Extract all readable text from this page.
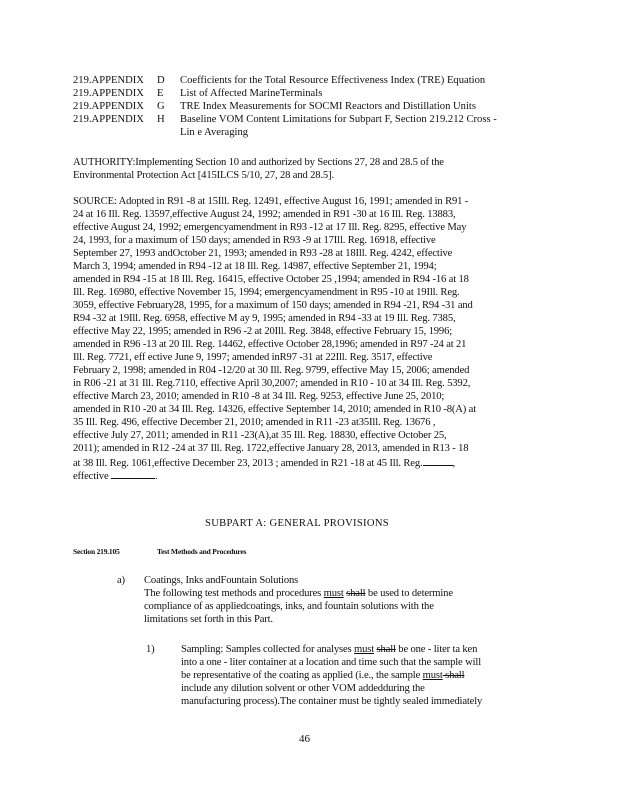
219.APPENDIX D Coefficients for the Total Resource Effectiveness Index (TRE) Equation
219.APPENDIX E List of Affected MarineTerminals
219.APPENDIX G TRE Index Measurements for SOCMI Reactors and Distillation Units
219.APPENDIX H Baseline VOM Content Limitations for Subpart F, Section 219.212 Cross -
Lin e Averaging
AUTHORITY:Implementing Section 10 and authorized by Sections 27, 28 and 28.5 of the
Environmental Protection Act [415ILCS 5/10, 27, 28 and 28.5].
SOURCE: Adopted in R91 -8 at 15Ill. Reg. 12491, effective August 16, 1991; amended in R91 -
24 at 16 Ill. Reg. 13597,effective August 24, 1992; amended in R91 -30 at 16 Ill. Reg. 13883,
effective August 24, 1992; emergencyamendment in R93 -12 at 17 Ill. Reg. 8295, effective May
24, 1993, for a maximum of 150 days; amended in R93 -9 at 17Ill. Reg. 16918, effective
September 27, 1993 andOctober 21, 1993; amended in R93 -28 at 18Ill. Reg. 4242, effective
March 3, 1994; amended in R94 -12 at 18 Ill. Reg. 14987, effective September 21, 1994;
amended in R94 -15 at 18 Ill. Reg. 16415, effective October 25 ,1994; amended in R94 -16 at 18
Ill. Reg. 16980, effective November 15, 1994; emergencyamendment in R95 -10 at 19Ill. Reg.
3059, effective February28, 1995, for a maximum of 150 days; amended in R94 -21, R94 -31 and
R94 -32 at 19Ill. Reg. 6958, effective M ay 9, 1995; amended in R94 -33 at 19 Ill. Reg. 7385,
effective May 22, 1995; amended in R96 -2 at 20Ill. Reg. 3848, effective February 15, 1996;
amended in R96 -13 at 20 Ill. Reg. 14462, effective October 28,1996; amended in R97 -24 at 21
Ill. Reg. 7721, eff ective June 9, 1997; amended inR97 -31 at 22Ill. Reg. 3517, effective
February 2, 1998; amended in R04 -12/20 at 30 Ill. Reg. 9799, effective May 15, 2006; amended
in R06 -21 at 31 Ill. Reg.7110, effective April 30,2007; amended in R10 - 10 at 34 Ill. Reg. 5392,
effective March 23, 2010; amended in R10 -8 at 34 Ill. Reg. 9253, effective June 25, 2010;
amended in R10 -20 at 34 Ill. Reg. 14326, effective September 14, 2010; amended in R10 -8(A) at
35 Ill. Reg. 496, effective December 21, 2010; amended in R11 -23 at35Ill. Reg. 13676 ,
effective July 27, 2011; amended in R11 -23(A),at 35 Ill. Reg. 18830, effective October 25,
2011); amended in R12 -24 at 37 Ill. Reg. 1722,effective January 28, 2013, amended in R13 - 18
at 38 Ill. Reg. 1061,effective December 23, 2013 ; amended in R21 -18 at 45 Ill. Reg.	,
effective	.
SUBPART A: GENERAL PROVISIONS
Section 219.105	Test Methods and Procedures
a) Coatings, Inks andFountain Solutions
The following test methods and procedures must shall be used to determine
compliance of as appliedcoatings, inks, and fountain solutions with the
limitations set forth in this Part.
1) Sampling: Samples collected for analyses must shall be one - liter ta ken
into a one - liter container at a location and time such that the sample will
be representative of the coating as applied (i.e., the sample must shall
include any dilution solvent or other VOM addedduring the
manufacturing process).The container must be tightly sealed immediately
46
